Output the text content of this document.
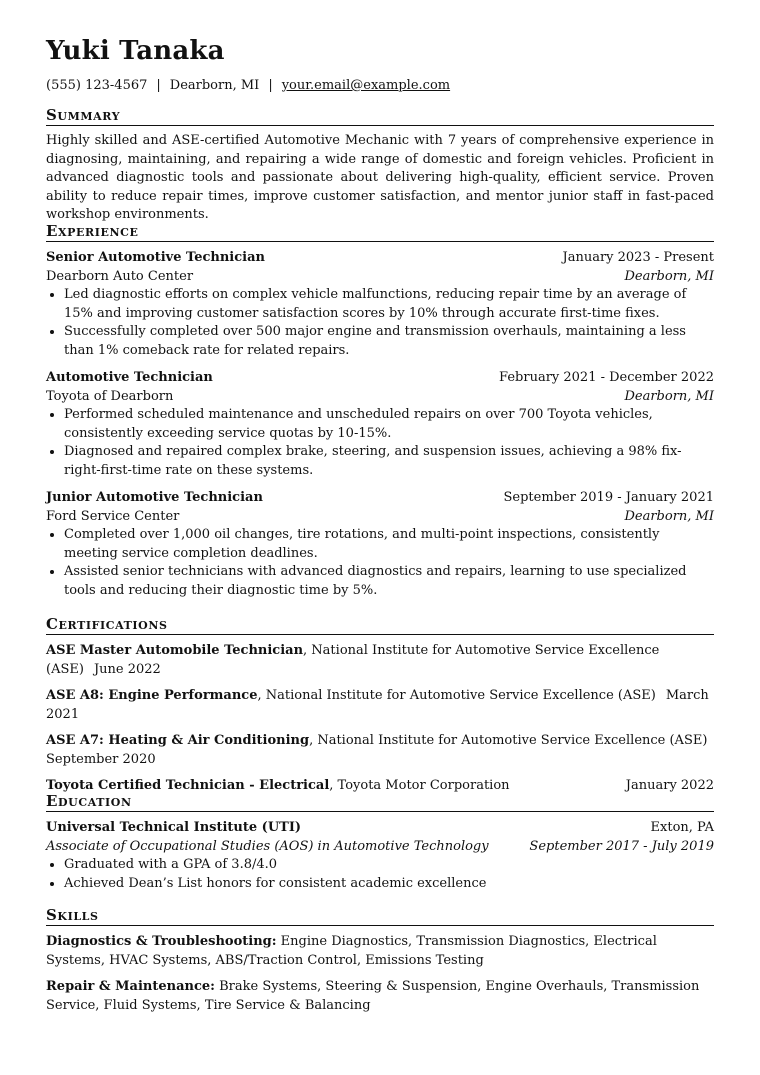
Yuki Tanaka
(555) 123-4567 | Dearborn, MI | your.email@example.com
Summary
Highly skilled and ASE-certified Automotive Mechanic with 7 years of comprehensive experience in diagnosing, maintaining, and repairing a wide range of domestic and foreign vehicles. Proficient in advanced diagnostic tools and passionate about delivering high-quality, efficient service. Proven ability to reduce repair times, improve customer satisfaction, and mentor junior staff in fast-paced workshop environments.
Experience
Senior Automotive Technician	January 2023 - Present
Dearborn Auto Center	Dearborn, MI
• Led diagnostic efforts on complex vehicle malfunctions, reducing repair time by an average of 15% and improving customer satisfaction scores by 10% through accurate first-time fixes.
• Successfully completed over 500 major engine and transmission overhauls, maintaining a less than 1% comeback rate for related repairs.
Automotive Technician	February 2021 - December 2022
Toyota of Dearborn	Dearborn, MI
• Performed scheduled maintenance and unscheduled repairs on over 700 Toyota vehicles, consistently exceeding service quotas by 10-15%.
• Diagnosed and repaired complex brake, steering, and suspension issues, achieving a 98% fix-right-first-time rate on these systems.
Junior Automotive Technician	September 2019 - January 2021
Ford Service Center	Dearborn, MI
• Completed over 1,000 oil changes, tire rotations, and multi-point inspections, consistently meeting service completion deadlines.
• Assisted senior technicians with advanced diagnostics and repairs, learning to use specialized tools and reducing their diagnostic time by 5%.
Certifications
ASE Master Automobile Technician, National Institute for Automotive Service Excellence (ASE) June 2022
ASE A8: Engine Performance, National Institute for Automotive Service Excellence (ASE) March 2021
ASE A7: Heating & Air Conditioning, National Institute for Automotive Service Excellence (ASE)
September 2020
Toyota Certified Technician - Electrical, Toyota Motor Corporation	January 2022
Education
Universal Technical Institute (UTI)	Exton, PA
Associate of Occupational Studies (AOS) in Automotive Technology	September 2017 - July 2019
• Graduated with a GPA of 3.8/4.0
• Achieved Dean’s List honors for consistent academic excellence
Skills
Diagnostics & Troubleshooting: Engine Diagnostics, Transmission Diagnostics, Electrical Systems, HVAC Systems, ABS/Traction Control, Emissions Testing
Repair & Maintenance: Brake Systems, Steering & Suspension, Engine Overhauls, Transmission Service, Fluid Systems, Tire Service & Balancing
